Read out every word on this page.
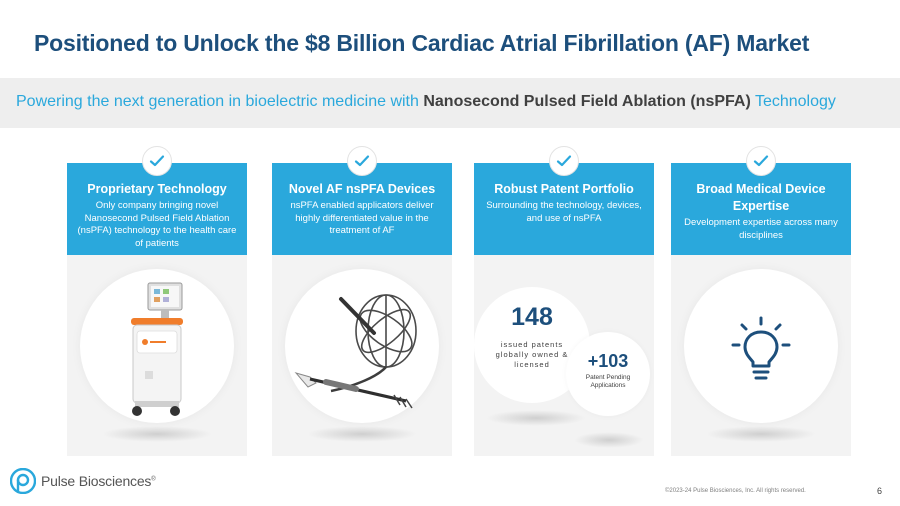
Positioned to Unlock the $8 Billion Cardiac Atrial Fibrillation (AF) Market
Powering the next generation in bioelectric medicine with Nanosecond Pulsed Field Ablation (nsPFA) Technology
Proprietary Technology
Only company bringing novel Nanosecond Pulsed Field Ablation (nsPFA) technology to the health care of patients
Novel AF nsPFA Devices
nsPFA enabled applicators deliver highly differentiated value in the treatment of AF
Robust Patent Portfolio
Surrounding the technology, devices, and use of nsPFA
148
issued patents globally owned & licensed	+103
Patent Pending Applications
Broad Medical Device Expertise
Development expertise across many disciplines
Pulse Biosciences®
©2023-24 Pulse Biosciences, Inc. All rights reserved.	6
